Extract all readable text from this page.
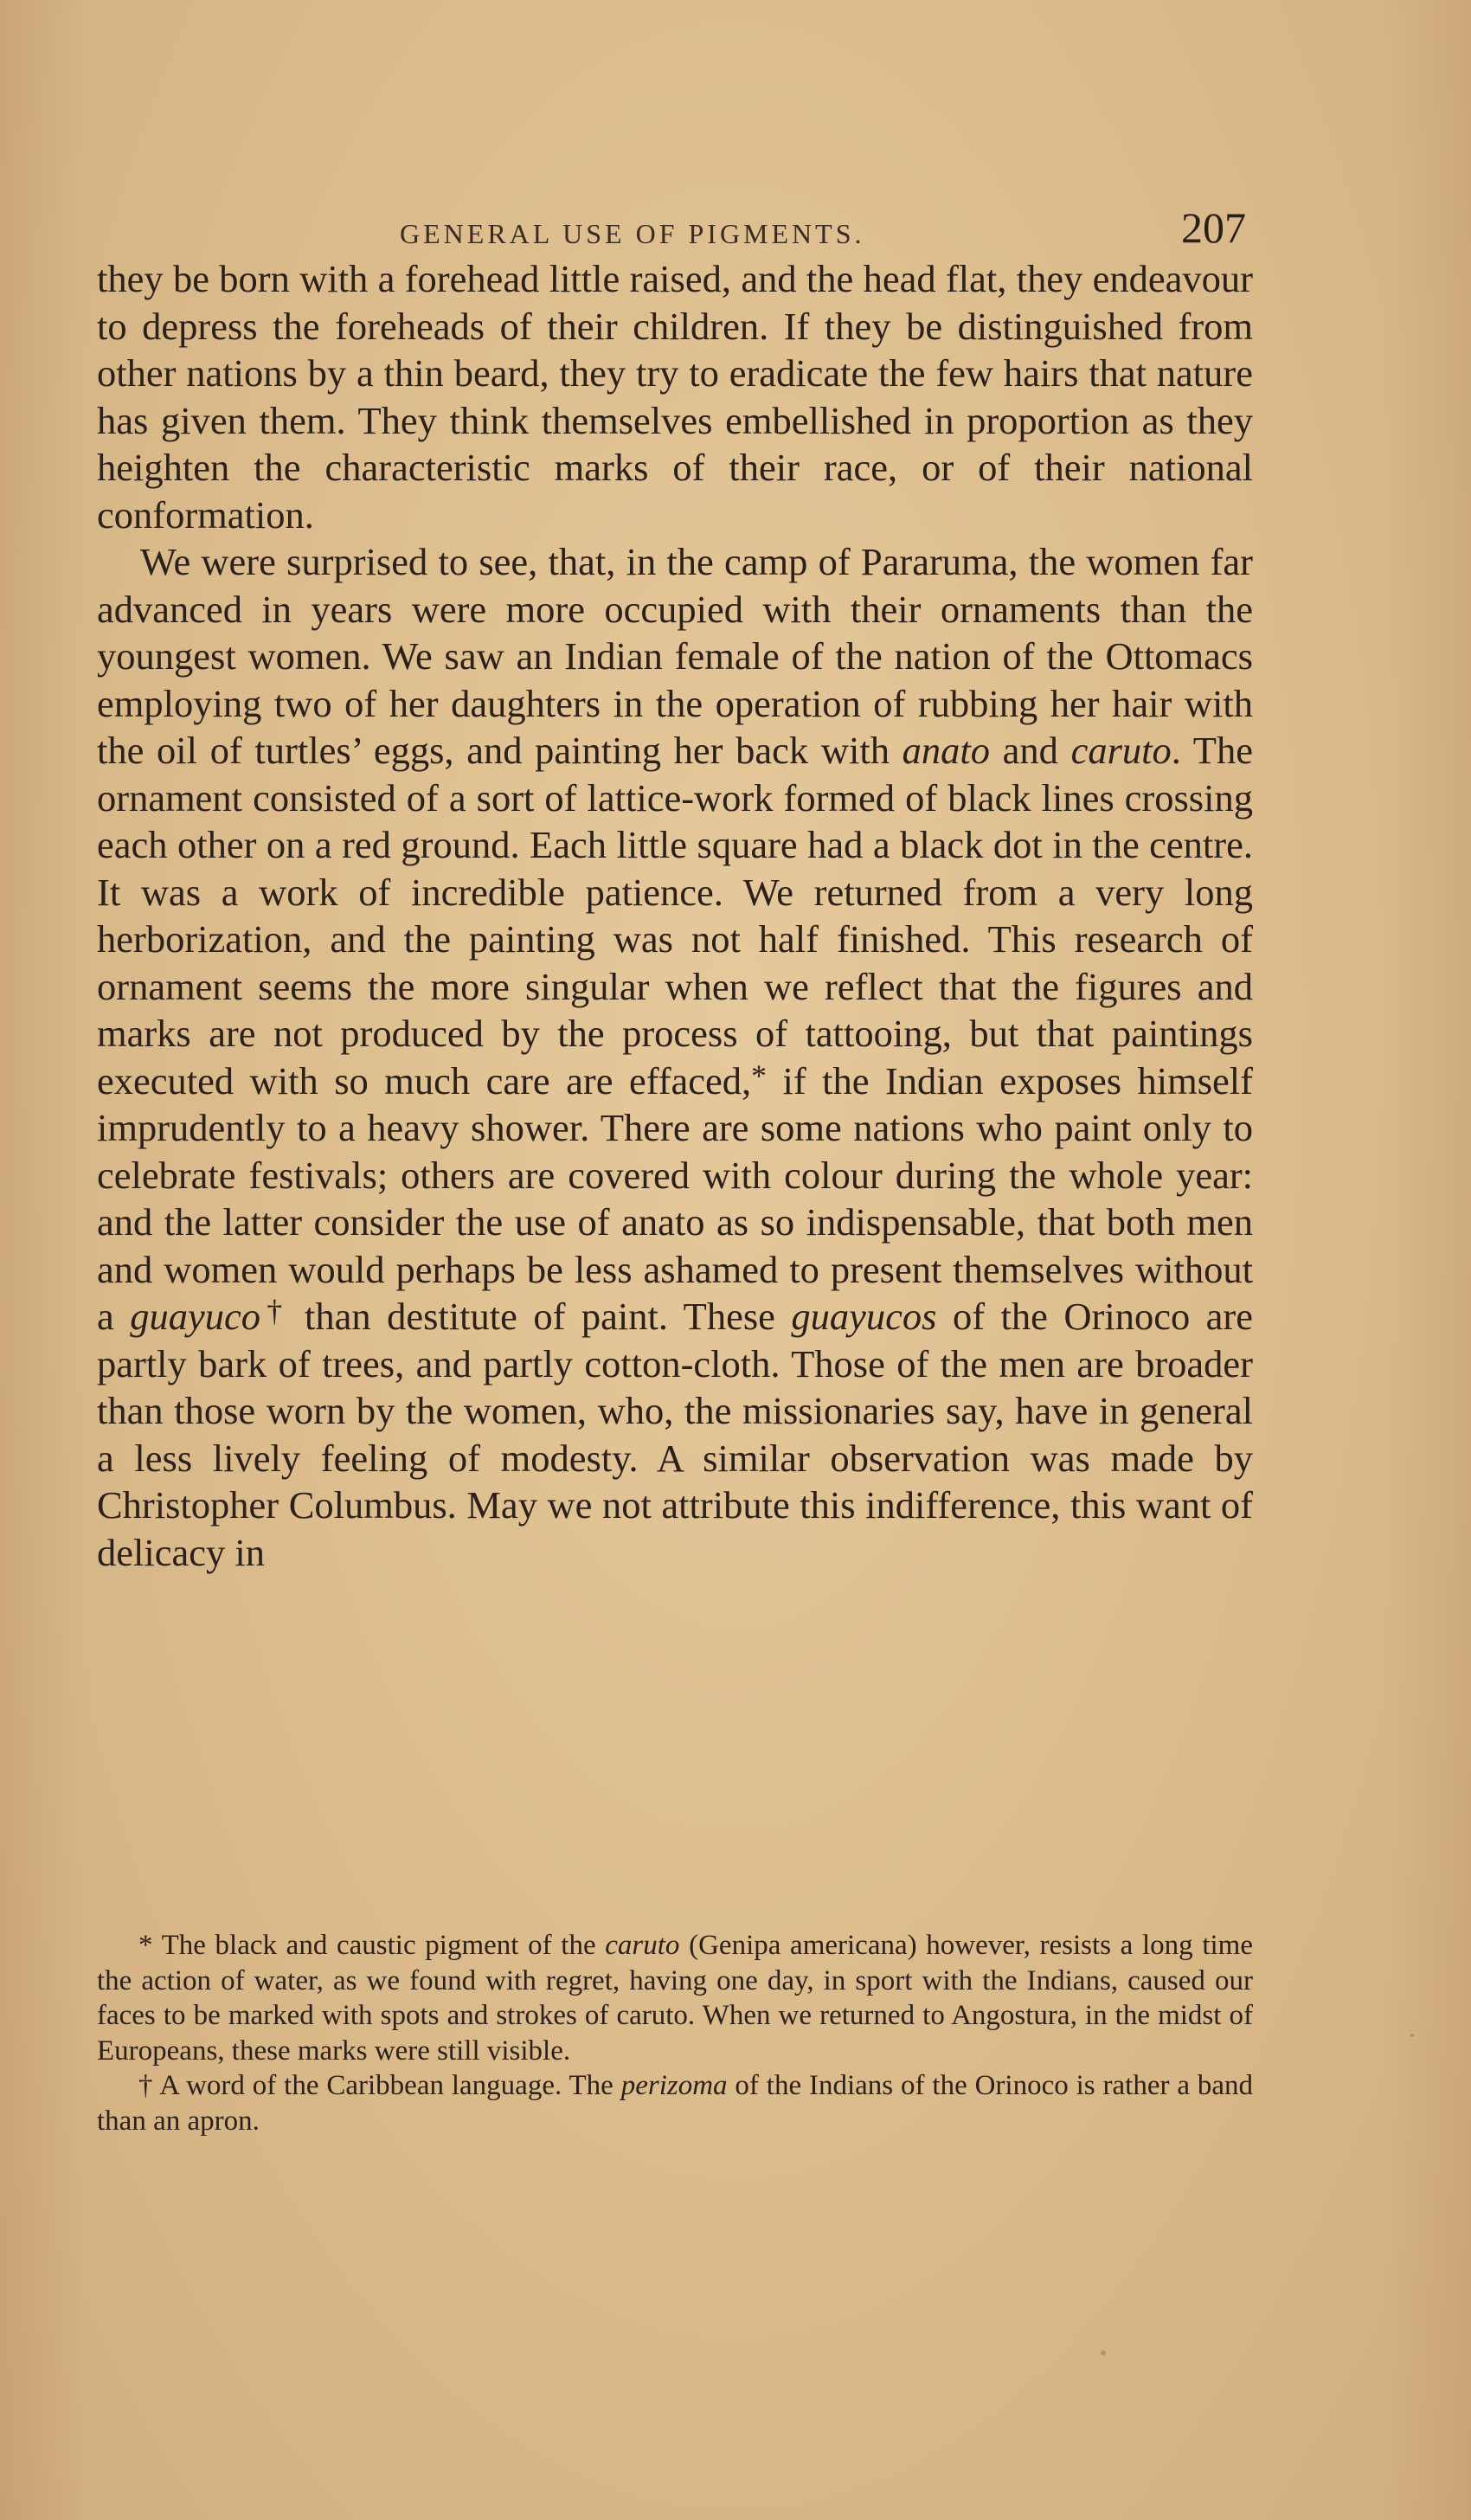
GENERAL USE OF PIGMENTS.	207

they be born with a forehead little raised, and the head flat, they endeavour to depress the foreheads of their children. If they be distinguished from other nations by a thin beard, they try to eradicate the few hairs that nature has given them. They think themselves embellished in proportion as they heighten the characteristic marks of their race, or of their national conformation.

We were surprised to see, that, in the camp of Pararuma, the women far advanced in years were more occupied with their ornaments than the youngest women. We saw an Indian female of the nation of the Ottomacs employing two of her daughters in the operation of rubbing her hair with the oil of turtles’ eggs, and painting her back with anato and caruto. The ornament consisted of a sort of lattice-work formed of black lines crossing each other on a red ground. Each little square had a black dot in the centre. It was a work of incredible patience. We returned from a very long herborization, and the painting was not half finished. This research of ornament seems the more singular when we reflect that the figures and marks are not produced by the process of tattooing, but that paintings executed with so much care are effaced,* if the Indian exposes himself imprudently to a heavy shower. There are some nations who paint only to celebrate festivals; others are covered with colour during the whole year: and the latter consider the use of anato as so indispensable, that both men and women would perhaps be less ashamed to present themselves without a guayuco† than destitute of paint. These guayucos of the Orinoco are partly bark of trees, and partly cotton-cloth. Those of the men are broader than those worn by the women, who, the missionaries say, have in general a less lively feeling of modesty. A similar observation was made by Christopher Columbus. May we not attribute this indifference, this want of delicacy in

* The black and caustic pigment of the caruto (Genipa americana) however, resists a long time the action of water, as we found with regret, having one day, in sport with the Indians, caused our faces to be marked with spots and strokes of caruto. When we returned to Angostura, in the midst of Europeans, these marks were still visible.

† A word of the Caribbean language. The perizoma of the Indians of the Orinoco is rather a band than an apron.
